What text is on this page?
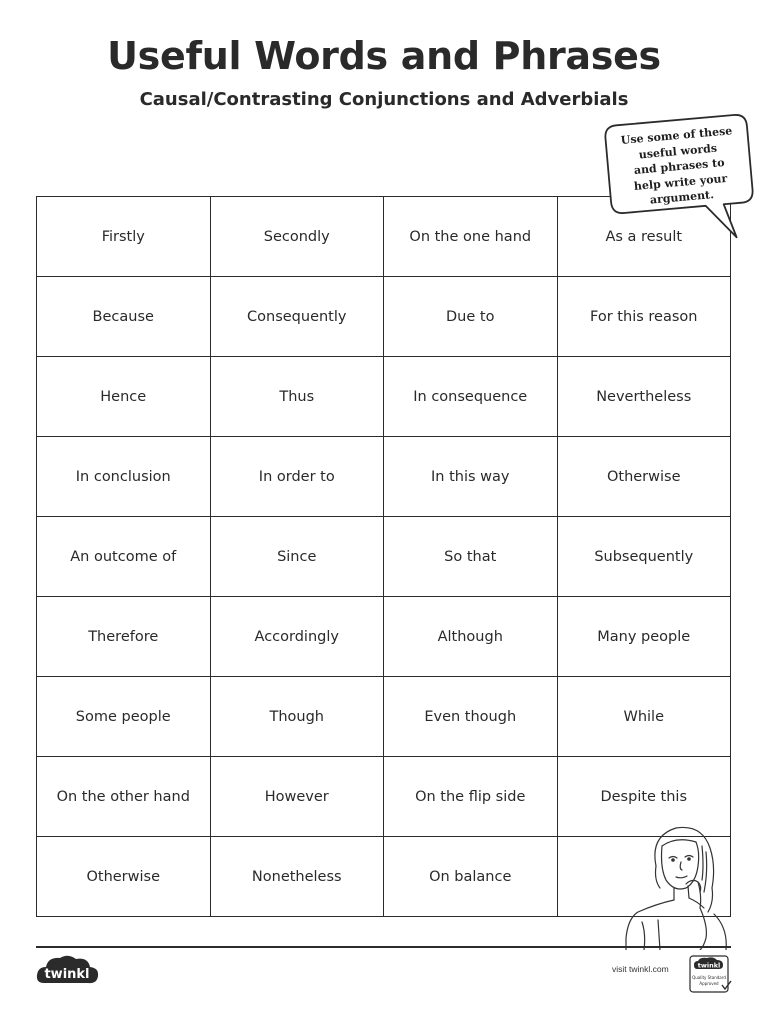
Useful Words and Phrases
Causal/Contrasting Conjunctions and Adverbials
Firstly	Secondly	On the one hand	As a result
Because	Consequently	Due to	For this reason
Hence	Thus	In consequence	Nevertheless
In conclusion	In order to	In this way	Otherwise
An outcome of	Since	So that	Subsequently
Therefore	Accordingly	Although	Many people
Some people	Though	Even though	While
On the other hand	However	On the flip side	Despite this
Otherwise	Nonetheless	On balance	
Use some of these
useful words
and phrases to
help write your
argument.
twinkl	visit twinkl.com	twinkl
Quality Standard
Approved
